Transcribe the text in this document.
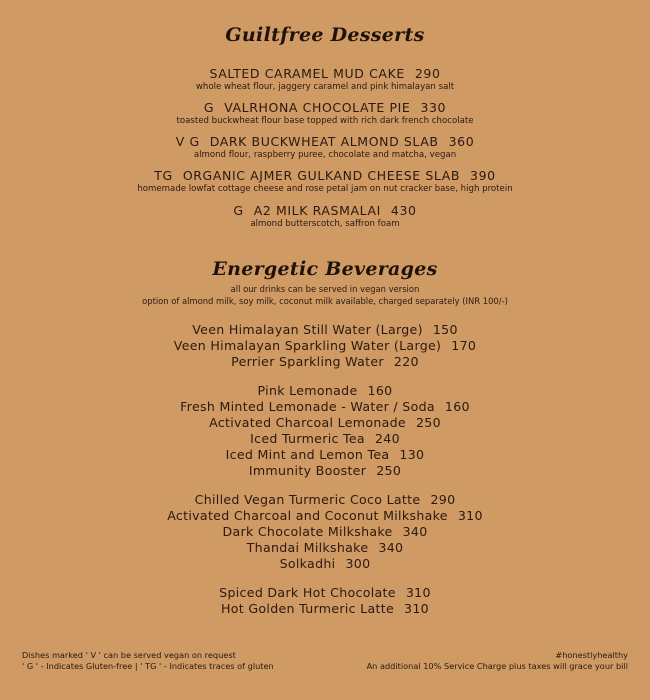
Guiltfree Desserts
SALTED CARAMEL MUD CAKE 290
whole wheat flour, jaggery caramel and pink himalayan salt
G VALRHONA CHOCOLATE PIE 330
toasted buckwheat flour base topped with rich dark french chocolate
V G DARK BUCKWHEAT ALMOND SLAB 360
almond flour, raspberry puree, chocolate and matcha, vegan
TG ORGANIC AJMER GULKAND CHEESE SLAB 390
homemade lowfat cottage cheese and rose petal jam on nut cracker base, high protein
G A2 MILK RASMALAI 430
almond butterscotch, saffron foam
Energetic Beverages
all our drinks can be served in vegan version
option of almond milk, soy milk, coconut milk available, charged separately (INR 100/-)
Veen Himalayan Still Water (Large) 150
Veen Himalayan Sparkling Water (Large) 170
Perrier Sparkling Water 220
Pink Lemonade 160
Fresh Minted Lemonade - Water / Soda 160
Activated Charcoal Lemonade 250
Iced Turmeric Tea 240
Iced Mint and Lemon Tea 130
Immunity Booster 250
Chilled Vegan Turmeric Coco Latte 290
Activated Charcoal and Coconut Milkshake 310
Dark Chocolate Milkshake 340
Thandai Milkshake 340
Solkadhi 300
Spiced Dark Hot Chocolate 310
Hot Golden Turmeric Latte 310
Dishes marked ' V ' can be served vegan on request
' G ' - Indicates Gluten-free | ' TG ' - Indicates traces of gluten
#honestlyhealthy
An additional 10% Service Charge plus taxes will grace your bill
